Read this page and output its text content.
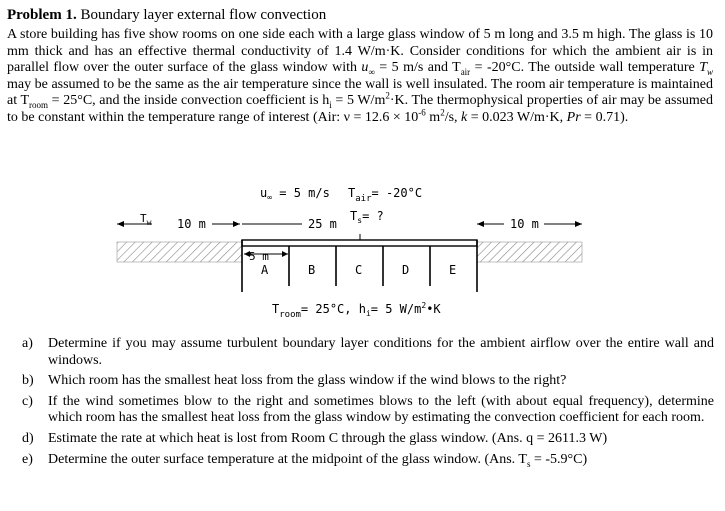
Problem 1. Boundary layer external flow convection
A store building has five show rooms on one side each with a large glass window of 5 m long and 3.5 m high. The glass is 10 mm thick and has an effective thermal conductivity of 1.4 W/m·K. Consider conditions for which the ambient air is in parallel flow over the outer surface of the glass window with $u_\infty = 5$ m/s and $T_{air} = -20^\circ C$. The outside wall temperature $T_w$ may be assumed to be the same as the air temperature since the wall is well insulated. The room air temperature is maintained at $T_{room} = 25^\circ C$, and the inside convection coefficient is $h_i = 5$ $W/m^2\cdot K$. The thermophysical properties of air may be assumed to be constant within the temperature range of interest (Air: $\nu = 12.6 \times 10^{-6}$ $m^2/s$, k = 0.023 W/m·K, Pr = 0.71).
$u_\infty = 5$ m/s $T_{air}= -20^\circ C$
$T_w$ 10 m	25 m
$T_s=$ ?
10 m
5 m
A	B	C	D	E
$T_{room}= 25^\circ C$, $h_i= 5$ $W/m^2•K$
a) Determine if you may assume turbulent boundary layer conditions for the ambient airflow over the entire wall and windows.
b) Which room has the smallest heat loss from the glass window if the wind blows to the right?
c) If the wind sometimes blow to the right and sometimes blows to the left (with about equal frequency), determine which room has the smallest heat loss from the glass window by estimating the convection coefficient for each room.
d) Estimate the rate at which heat is lost from Room C through the glass window. (Ans. q = 2611.3 W)
e) Determine the outer surface temperature at the midpoint of the glass window. (Ans. $T_s = -5.9^\circ C$)
